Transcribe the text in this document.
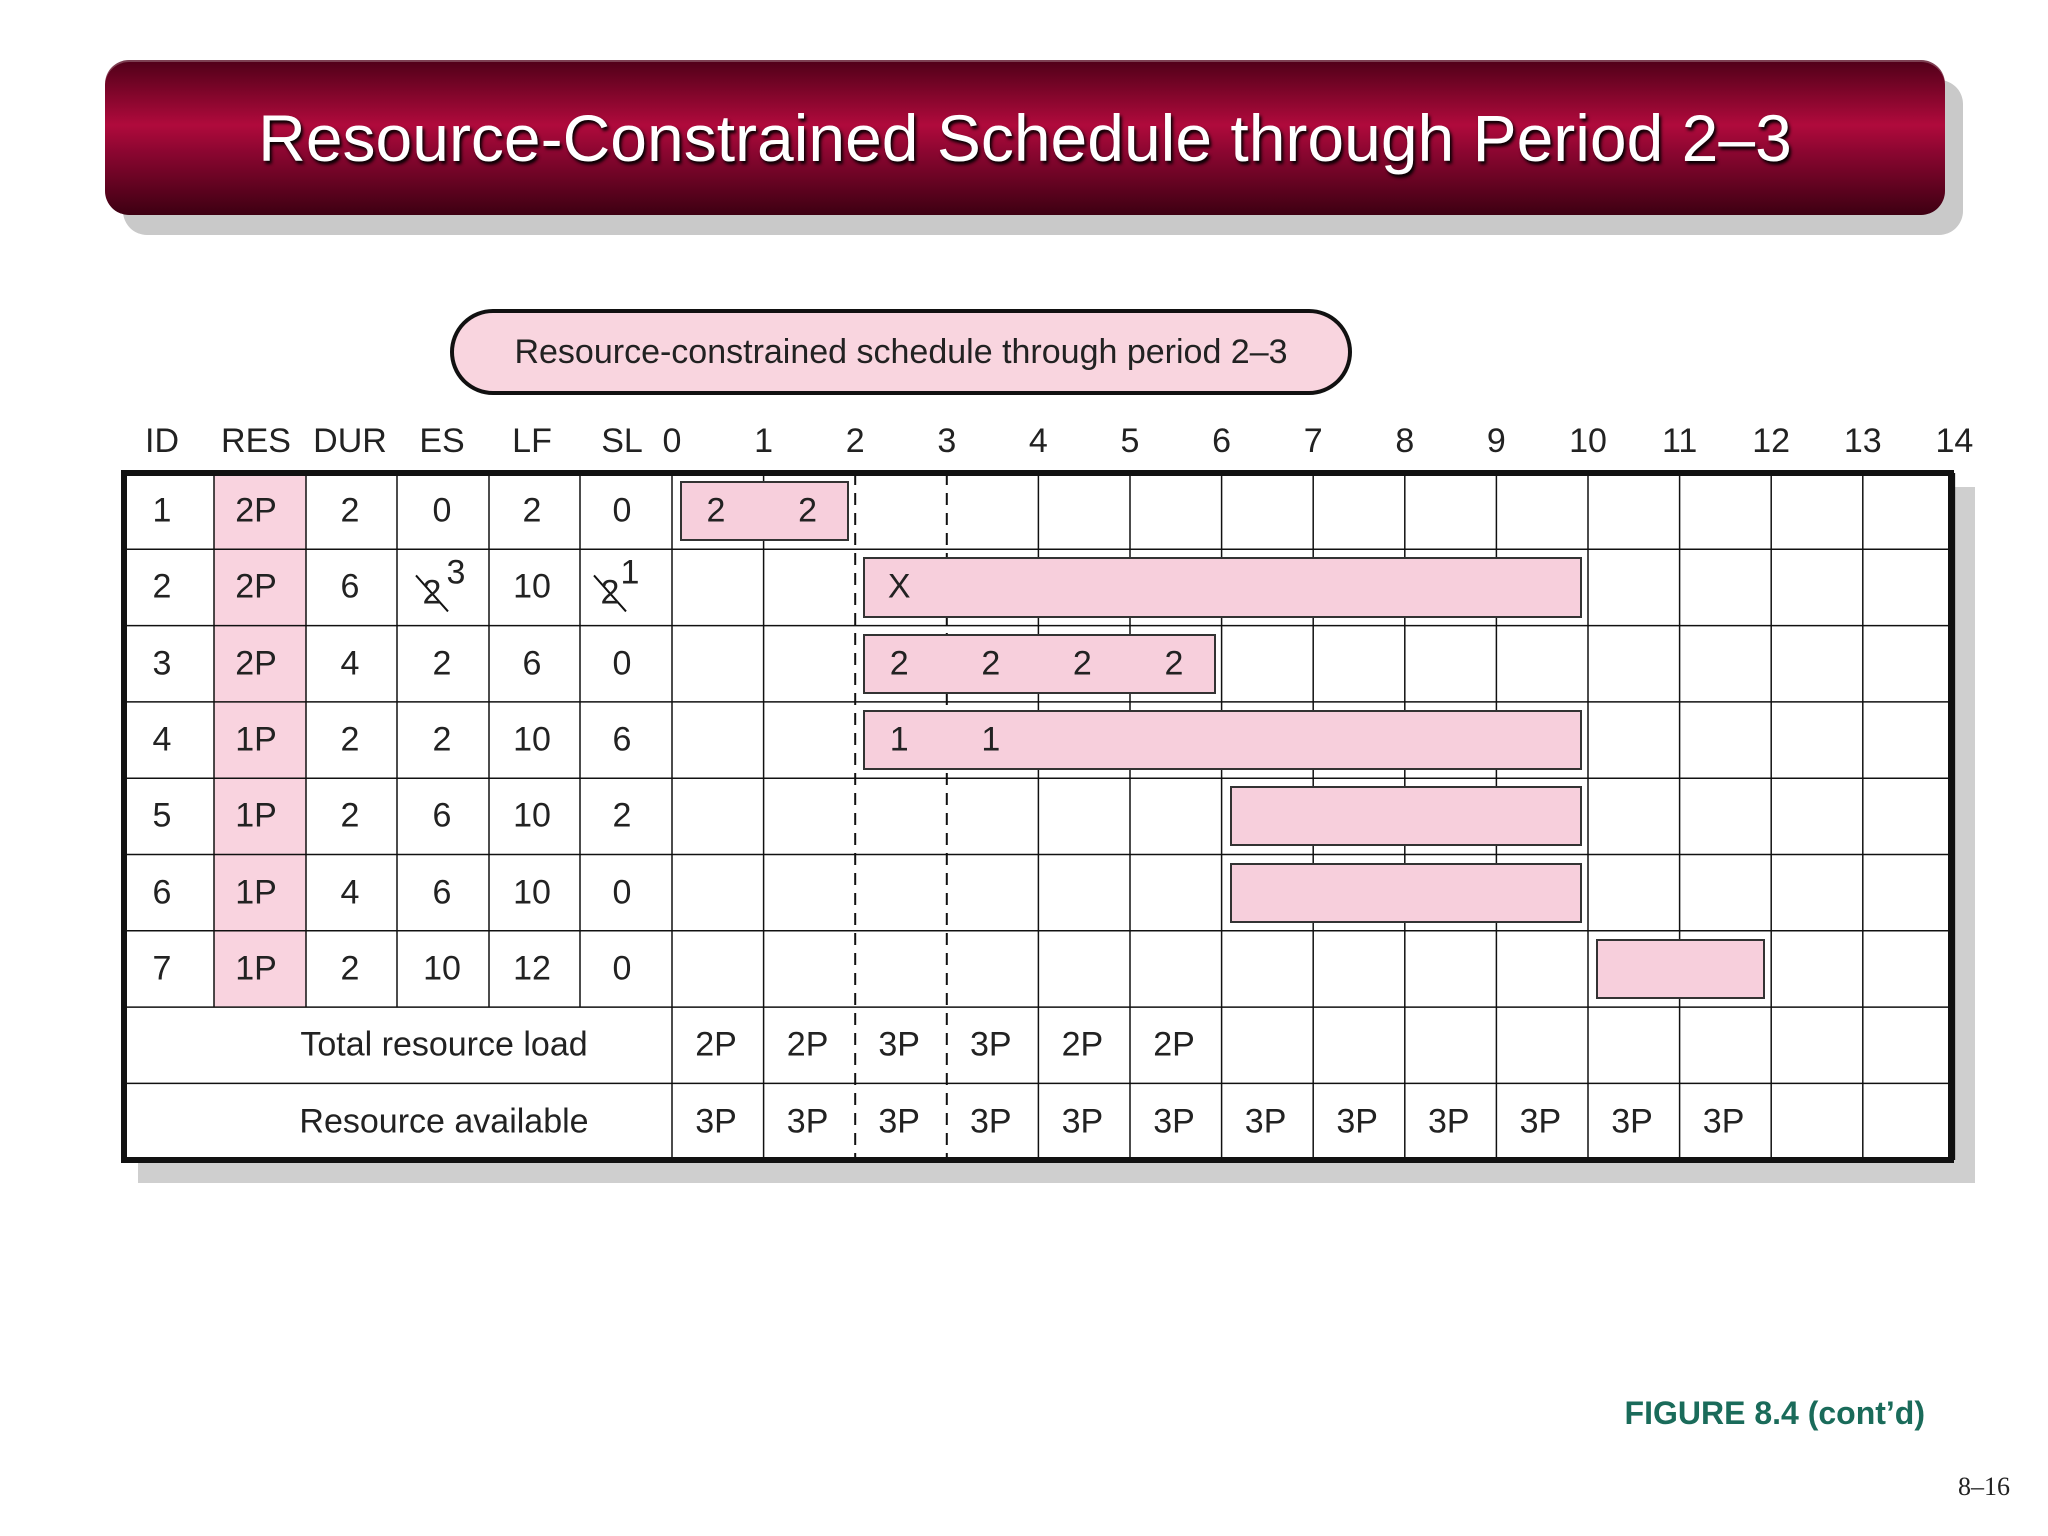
Resource-Constrained Schedule through Period 2–3
Resource-constrained schedule through period 2–3
ID RES DUR ES LF SL 0 1 2 3 4 5 6 7 8 9 10 11 12 13 14
2 2
X
2 2 2 2
1 1
1 2P 2 0 2 0
2 2P 6 2
3 10 2
1
3 2P 4 2 6 0
4 1P 2 2 10 6
5 1P 2 6 10 2
6 1P 4 6 10 0
7 1P 2 10 12 0
Total resource load	2P 2P 3P 3P 2P 2P
Resource available	3P 3P 3P 3P 3P 3P 3P 3P 3P 3P 3P 3P
FIGURE 8.4 (cont’d)
8–16
